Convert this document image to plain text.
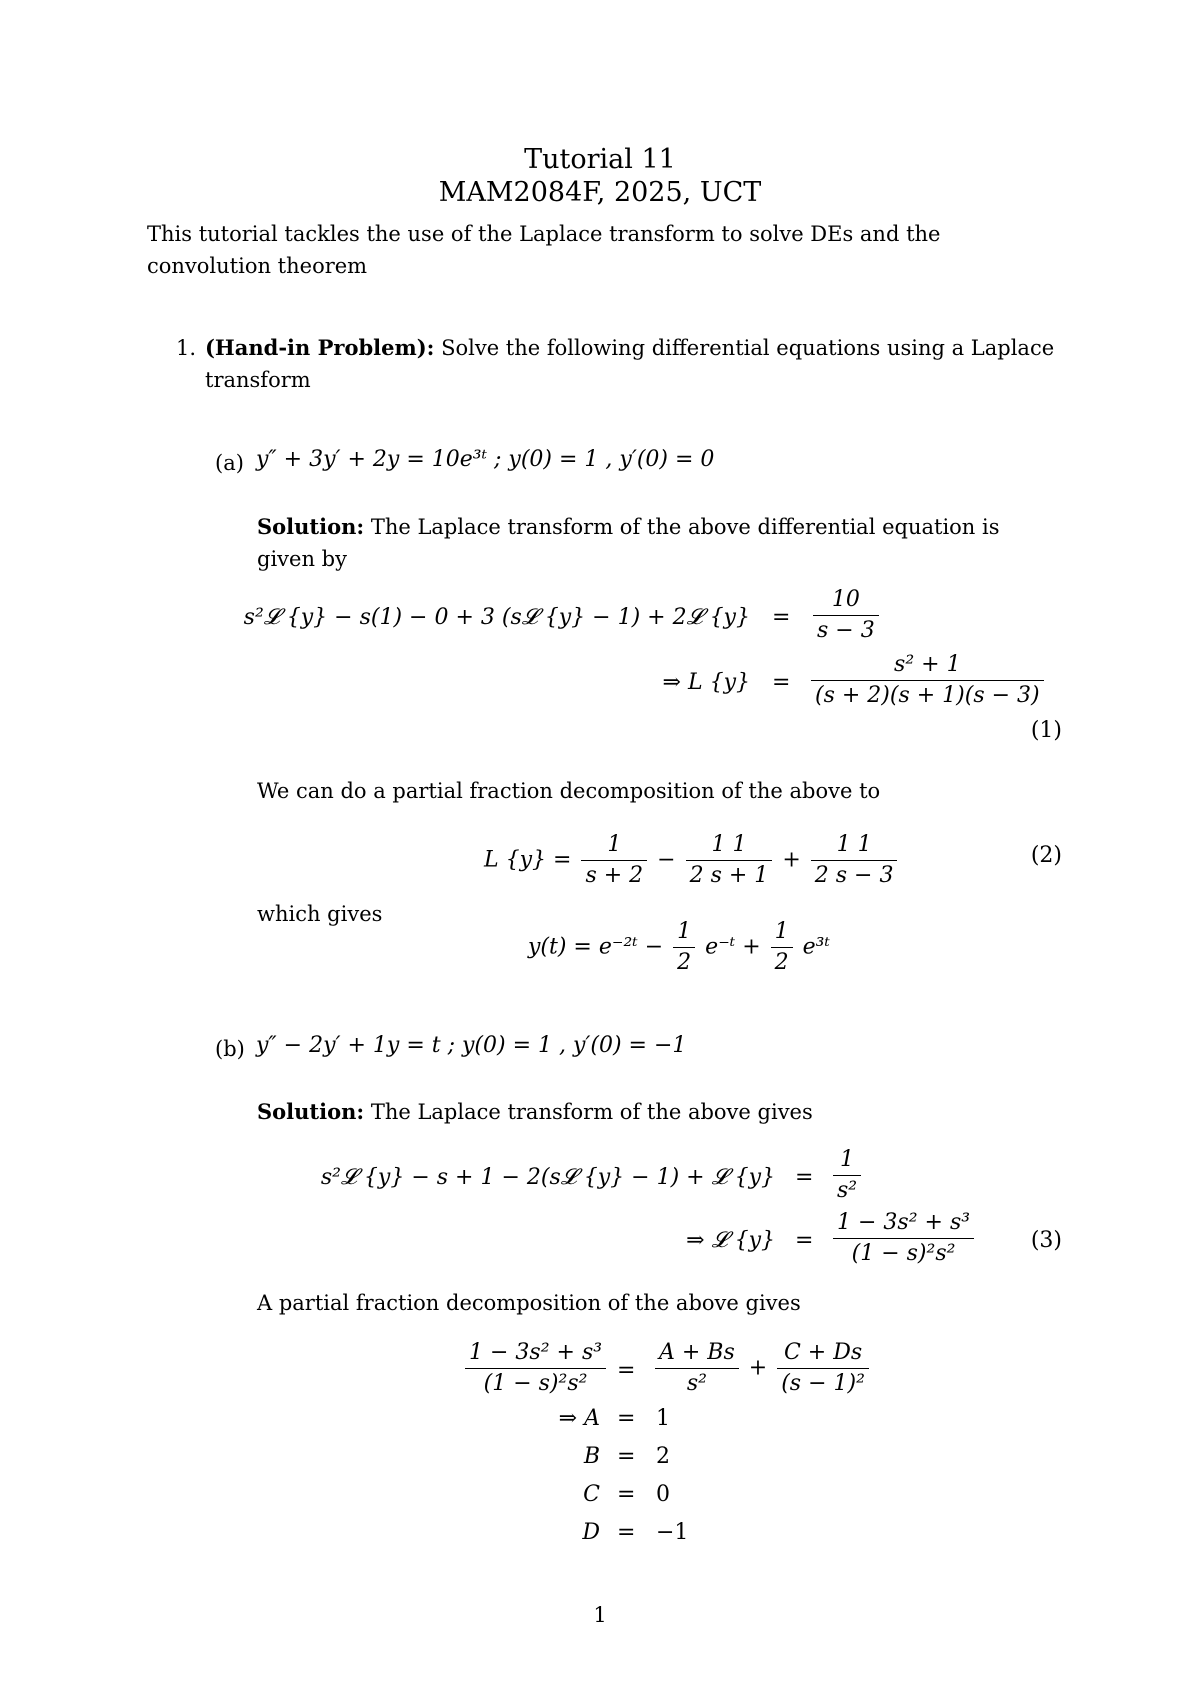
Tutorial 11
MAM2084F, 2025, UCT
This tutorial tackles the use of the Laplace transform to solve DEs and the convolution theorem
1. (Hand-in Problem): Solve the following differential equations using a Laplace transform
(a) y″ + 3y′ + 2y = 10e³ᵗ ; y(0) = 1 , y′(0) = 0
Solution: The Laplace transform of the above differential equation is given by
s²𝓛 {y} − s(1) − 0 + 3 (s𝓛 {y} − 1) + 2𝓛 $\{y\} = \frac{10}{s - 3}$
⇒ L $\{y\} = \frac{\text{s² + 1}}{(s + 2)(s + 1)(s - 3)}$
(1)
We can do a partial fraction decomposition of the above to
L $\{y\} = \frac{1}{s + 2} - \frac{1 1}{2 s + 1} + \frac{1 1}{2 s - 3}$	(2)
which gives
y(t) = e⁻²ᵗ − $\frac{1}{2}$ e⁻ᵗ + $\frac{1}{2}$ e³ᵗ
(b) y″ − 2y′ + 1y = t ; y(0) = 1 , y′(0) = −1
Solution: The Laplace transform of the above gives
s²𝓛 {y} − s + 1 − 2(s𝓛 {y} − 1) + 𝓛 $\{y\} = \frac{1}{\text{s²}}$
⇒ 𝓛 $\{y\} = \frac{\text{1 − 3s² + s³}}{\text{(1 − s)²s²}}$	(3)
A partial fraction decomposition of the above gives
$\frac{\text{1 − 3s² + s³}}{\text{(1 − s)²s²}} = \frac{A + Bs}{\text{s²}} + \frac{C + Ds}{\text{(s − 1)²}}$
⇒ A = 1
B = 2
C = 0
D = −1
1
